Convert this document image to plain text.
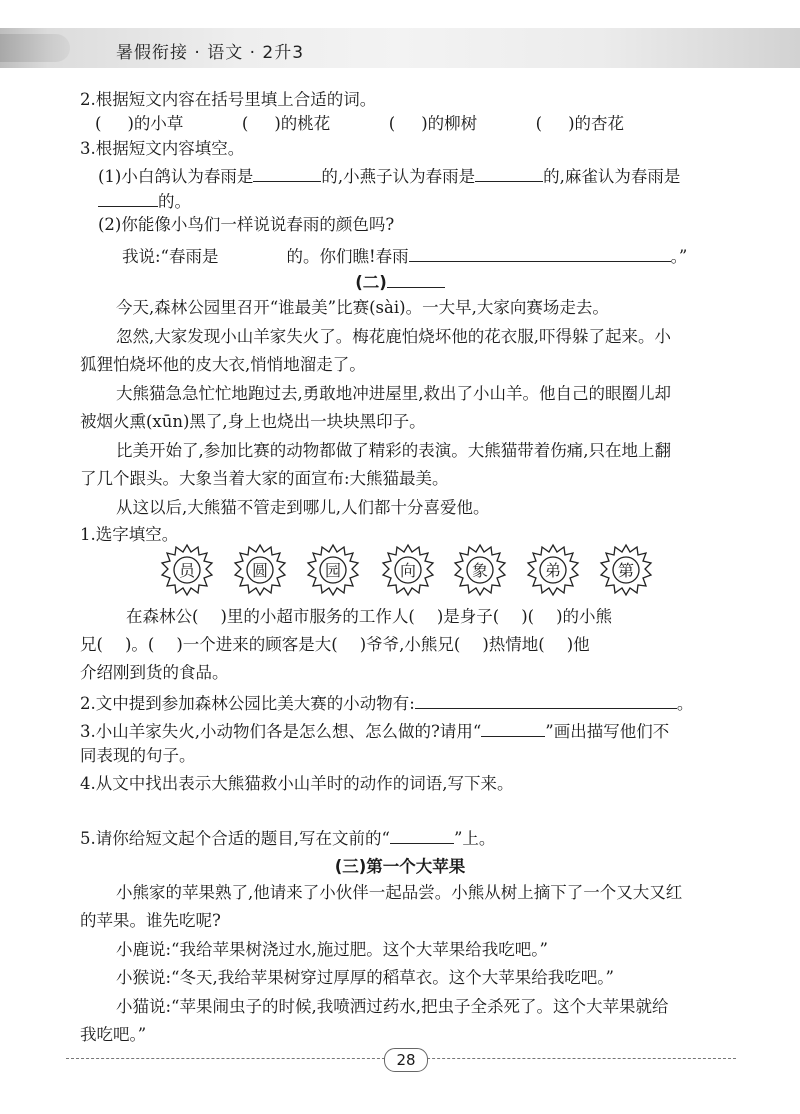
暑假衔接 · 语文 · 2升3
2.根据短文内容在括号里填上合适的词。
( )的小草	( )的桃花	( )的柳树	( )的杏花
3.根据短文内容填空。
(1)小白鸽认为春雨是	的,小燕子认为春雨是	的,麻雀认为春雨是
的。
(2)你能像小鸟们一样说说春雨的颜色吗?
我说:“春雨是	的。你们瞧!春雨	。”
(二)
今天,森林公园里召开“谁最美”比赛(sài)。一大早,大家向赛场走去。
忽然,大家发现小山羊家失火了。梅花鹿怕烧坏他的花衣服,吓得躲了起来。小
狐狸怕烧坏他的皮大衣,悄悄地溜走了。
大熊猫急急忙忙地跑过去,勇敢地冲进屋里,救出了小山羊。他自己的眼圈儿却
被烟火熏(xūn)黑了,身上也烧出一块块黑印子。
比美开始了,参加比赛的动物都做了精彩的表演。大熊猫带着伤痛,只在地上翻
了几个跟头。大象当着大家的面宣布:大熊猫最美。
从这以后,大熊猫不管走到哪儿,人们都十分喜爱他。
1.选字填空。
员	圆	园	向	象	弟	第
在森林公( )里的小超市服务的工作人( )是身子( )( )的小熊
兄( )。( )一个进来的顾客是大( )爷爷,小熊兄( )热情地( )他
介绍刚到货的食品。
2.文中提到参加森林公园比美大赛的小动物有:	。
3.小山羊家失火,小动物们各是怎么想、怎么做的?请用“	”画出描写他们不
同表现的句子。
4.从文中找出表示大熊猫救小山羊时的动作的词语,写下来。
5.请你给短文起个合适的题目,写在文前的“	”上。
(三)第一个大苹果
小熊家的苹果熟了,他请来了小伙伴一起品尝。小熊从树上摘下了一个又大又红
的苹果。谁先吃呢?
小鹿说:“我给苹果树浇过水,施过肥。这个大苹果给我吃吧。”
小猴说:“冬天,我给苹果树穿过厚厚的稻草衣。这个大苹果给我吃吧。”
小猫说:“苹果闹虫子的时候,我喷洒过药水,把虫子全杀死了。这个大苹果就给
我吃吧。”
28
